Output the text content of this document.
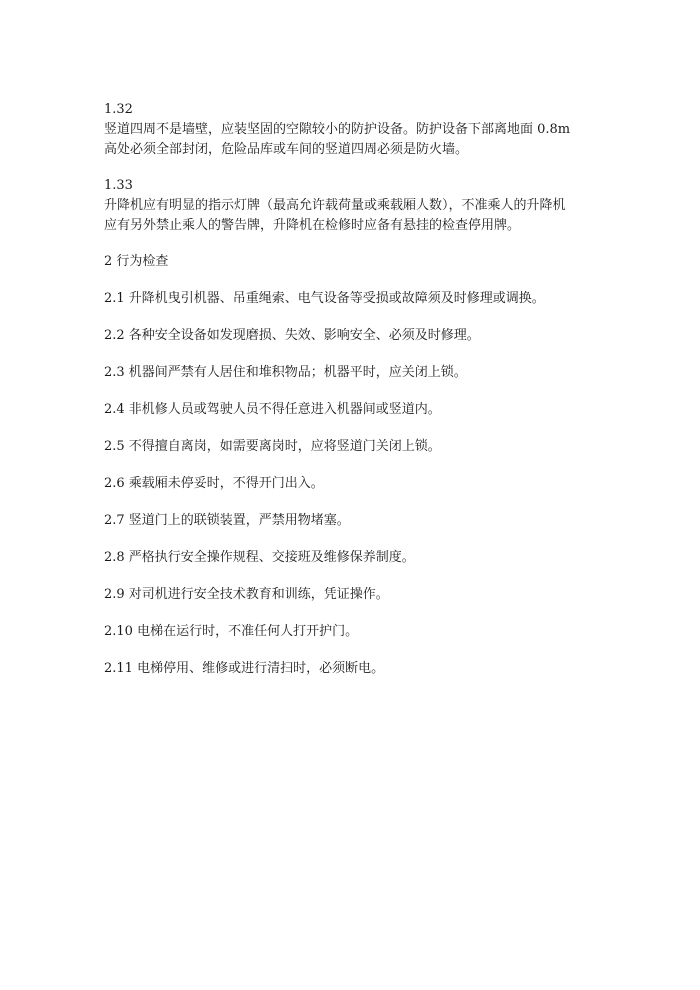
1.32
竖道四周不是墙壁，应装坚固的空隙较小的防护设备。防护设备下部离地面 0.8m
高处必须全部封闭，危险品库或车间的竖道四周必须是防火墙。
1.33
升降机应有明显的指示灯牌（最高允许载荷量或乘载厢人数），不准乘人的升降机
应有另外禁止乘人的警告牌，升降机在检修时应备有悬挂的检查停用牌。
2 行为检查
2.1 升降机曳引机器、吊重绳索、电气设备等受损或故障须及时修理或调换。
2.2 各种安全设备如发现磨损、失效、影响安全、必须及时修理。
2.3 机器间严禁有人居住和堆积物品；机器平时，应关闭上锁。
2.4 非机修人员或驾驶人员不得任意进入机器间或竖道内。
2.5 不得擅自离岗，如需要离岗时，应将竖道门关闭上锁。
2.6 乘载厢未停妥时，不得开门出入。
2.7 竖道门上的联锁装置，严禁用物堵塞。
2.8 严格执行安全操作规程、交接班及维修保养制度。
2.9 对司机进行安全技术教育和训练，凭证操作。
2.10 电梯在运行时，不准任何人打开护门。
2.11 电梯停用、维修或进行清扫时，必须断电。
